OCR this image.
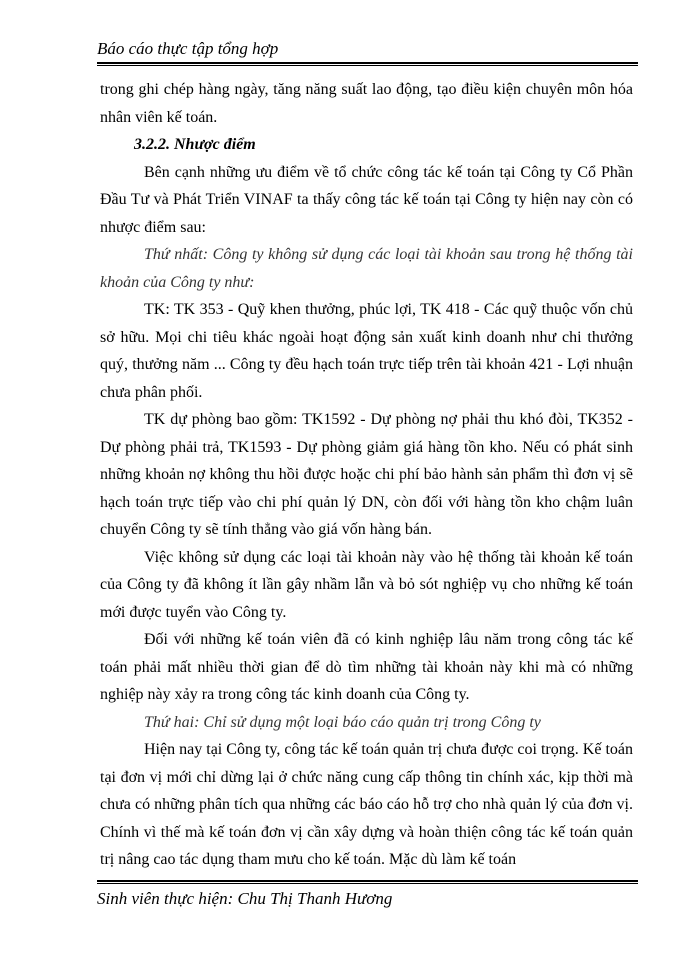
Báo cáo thực tập tổng hợp

trong ghi chép hàng ngày, tăng năng suất lao động, tạo điều kiện chuyên môn hóa nhân viên kế toán.

3.2.2. Nhược điểm

Bên cạnh những ưu điểm về tổ chức công tác kế toán tại Công ty Cổ Phần Đầu Tư và Phát Triển VINAF ta thấy công tác kế toán tại Công ty hiện nay còn có nhược điểm sau:

Thứ nhất: Công ty không sử dụng các loại tài khoản sau trong hệ thống tài khoản của Công ty như:

TK: TK 353 - Quỹ khen thưởng, phúc lợi, TK 418 - Các quỹ thuộc vốn chủ sở hữu. Mọi chi tiêu khác ngoài hoạt động sản xuất kinh doanh như chi thưởng quý, thưởng năm ... Công ty đều hạch toán trực tiếp trên tài khoản 421 - Lợi nhuận chưa phân phối.

TK dự phòng bao gồm: TK1592 - Dự phòng nợ phải thu khó đòi, TK352 - Dự phòng phải trả, TK1593 - Dự phòng giảm giá hàng tồn kho. Nếu có phát sinh những khoản nợ không thu hồi được hoặc chi phí bảo hành sản phẩm thì đơn vị sẽ hạch toán trực tiếp vào chi phí quản lý DN, còn đối với hàng tồn kho chậm luân chuyển Công ty sẽ tính thẳng vào giá vốn hàng bán.

Việc không sử dụng các loại tài khoản này vào hệ thống tài khoản kế toán của Công ty đã không ít lần gây nhầm lẫn và bỏ sót nghiệp vụ cho những kế toán mới được tuyển vào Công ty.

Đối với những kế toán viên đã có kinh nghiệp lâu năm trong công tác kế toán phải mất nhiều thời gian để dò tìm những tài khoản này khi mà có những nghiệp này xảy ra trong công tác kinh doanh của Công ty.

Thứ hai: Chỉ sử dụng một loại báo cáo quản trị trong Công ty

Hiện nay tại Công ty, công tác kế toán quản trị chưa được coi trọng. Kế toán tại đơn vị mới chỉ dừng lại ở chức năng cung cấp thông tin chính xác, kịp thời mà chưa có những phân tích qua những các báo cáo hỗ trợ cho nhà quản lý của đơn vị. Chính vì thế mà kế toán đơn vị cần xây dựng và hoàn thiện công tác kế toán quản trị nâng cao tác dụng tham mưu cho kế toán. Mặc dù làm kế toán

Sinh viên thực hiện: Chu Thị Thanh Hương
